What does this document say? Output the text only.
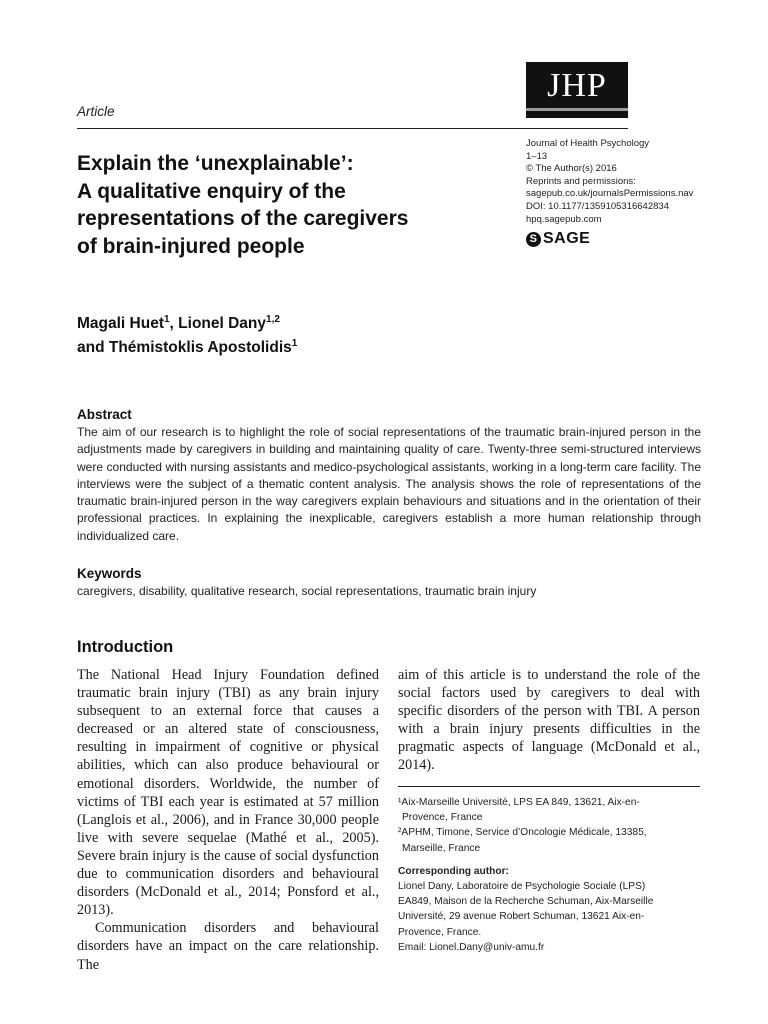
JHP
Article
Journal of Health Psychology
1–13
© The Author(s) 2016
Reprints and permissions:
sagepub.co.uk/journalsPermissions.nav
DOI: 10.1177/1359105316642834
hpq.sagepub.com
S SAGE
Explain the ‘unexplainable’:
A qualitative enquiry of the
representations of the caregivers
of brain-injured people
Magali Huet$^1$, Lionel Dany$^{1,2}$
and Thémistoklis Apostolidis$^1$
Abstract
The aim of our research is to highlight the role of social representations of the traumatic brain-injured person in the adjustments made by caregivers in building and maintaining quality of care. Twenty-three semi-structured interviews were conducted with nursing assistants and medico-psychological assistants, working in a long-term care facility. The interviews were the subject of a thematic content analysis. The analysis shows the role of representations of the traumatic brain-injured person in the way caregivers explain behaviours and situations and in the orientation of their professional practices. In explaining the inexplicable, caregivers establish a more human relationship through individualized care.
Keywords
caregivers, disability, qualitative research, social representations, traumatic brain injury
Introduction

The National Head Injury Foundation defined traumatic brain injury (TBI) as any brain injury subsequent to an external force that causes a decreased or an altered state of consciousness, resulting in impairment of cognitive or physical abilities, which can also produce behavioural or emotional disorders. Worldwide, the number of victims of TBI each year is estimated at 57 million (Langlois et al., 2006), and in France 30,000 people live with severe sequelae (Mathé et al., 2005). Severe brain injury is the cause of social dysfunction due to communication disorders and behavioural disorders (McDonald et al., 2014; Ponsford et al., 2013).

Communication disorders and behavioural disorders have an impact on the care relationship. The

aim of this article is to understand the role of the social factors used by caregivers to deal with specific disorders of the person with TBI. A person with a brain injury presents difficulties in the pragmatic aspects of language (McDonald et al., 2014).

¹Aix-Marseille Université, LPS EA 849, 13621, Aix-en-
Provence, France
²APHM, Timone, Service d’Oncologie Médicale, 13385,
Marseille, France
Corresponding author:
Lionel Dany, Laboratoire de Psychologie Sociale (LPS)
EA849, Maison de la Recherche Schuman, Aix-Marseille
Université, 29 avenue Robert Schuman, 13621 Aix-en-
Provence, France.
Email: Lionel.Dany@univ-amu.fr
